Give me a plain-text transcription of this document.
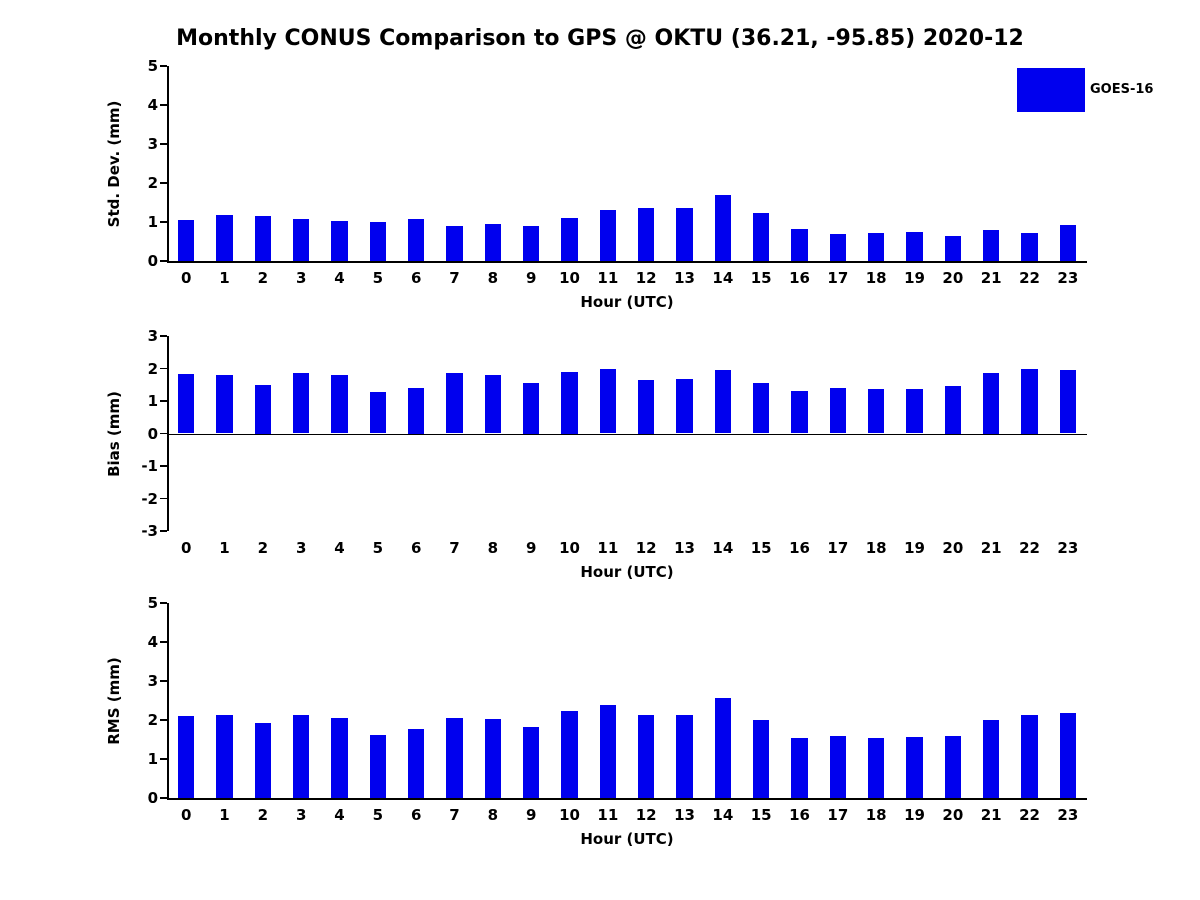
Monthly CONUS Comparison to GPS @ OKTU (36.21, -95.85) 2020-12
0
1
2
3
4
5
0 1 2 3 4 5 6 7 8 9 10 11 12 13 14 15 16 17 18 19 20 21 22 23
Hour (UTC)
Std. Dev. (mm)
-3
-2
-1
0
1
2
3
0 1 2 3 4 5 6 7 8 9 10 11 12 13 14 15 16 17 18 19 20 21 22 23
Hour (UTC)
Bias (mm)
0
1
2
3
4
5
0 1 2 3 4 5 6 7 8 9 10 11 12 13 14 15 16 17 18 19 20 21 22 23
Hour (UTC)
RMS (mm)
GOES-16
